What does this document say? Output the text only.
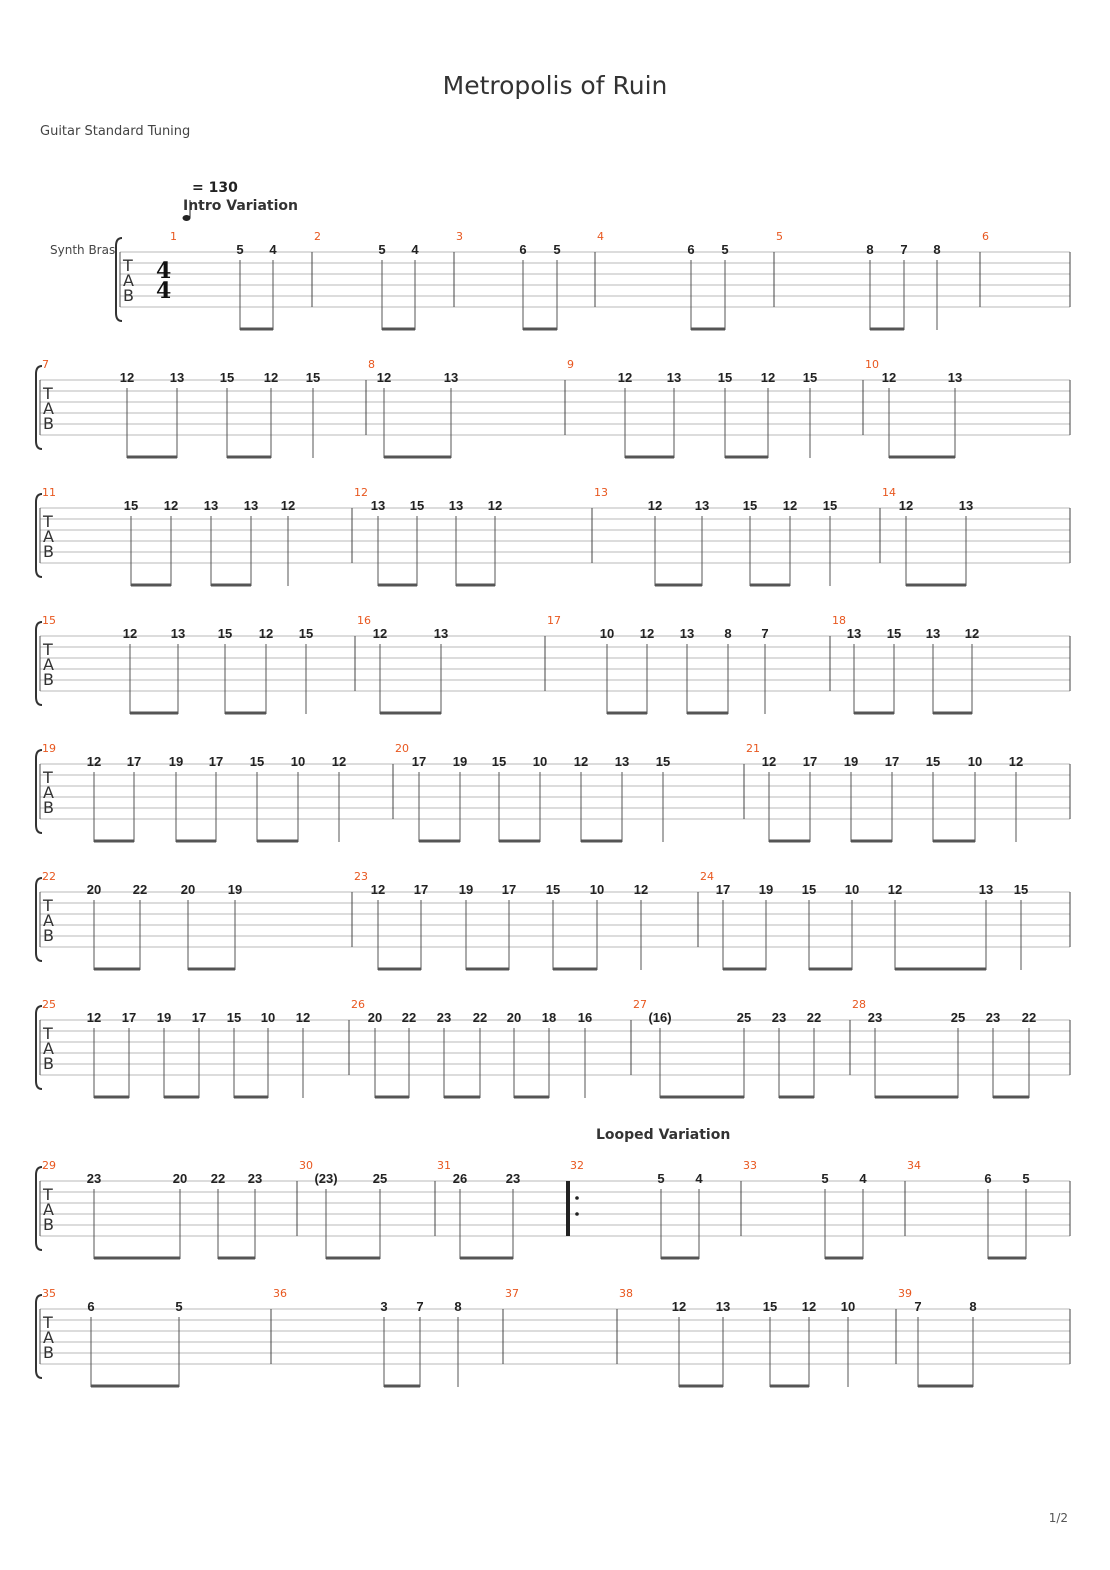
Metropolis of Ruin
Guitar Standard Tuning
= 130
Intro Variation
Looped Variation
Synth Bras
T
A
B
1
5 4
2
5 4
3
6 5
4
6 5
5
8 7 8
6
T
A
B
7
12	13	15 12 15
8
12	13
9
12	13	15 12 15
10
12	13
T
A
B
11
15 12 13 13 12
12
13 15 13 12
13
12	13	15 12 15
14
12	13
T
A
B
15
12	13	15 12 15
16
12	13
17
10 12 13 8 7
18
13 15 13 12
T
A
B
19
12 17 19 17 15 10 12
20
17 19 15 10 12 13 15
21
12 17 19 17 15 10 12
T
A
B
22
20 22	20	19
23
12 17 19 17 15 10 12
24
17 19 15 10 12	13 15
T
A
B
25
12 17 19 17 15 10 12
26
20 22 23 22 20 18 16
27
(16)	25 23 22
28
23	25 23 22
T
A
B
29
23	20 22 23
30
(23)	25
31
26	23
32
5 4
33
5 4
34
6 5
T
A
B
35
6	5
36
3 7 8
37	38
12 13	15 12 10
39
7	8
4
4
1/2
